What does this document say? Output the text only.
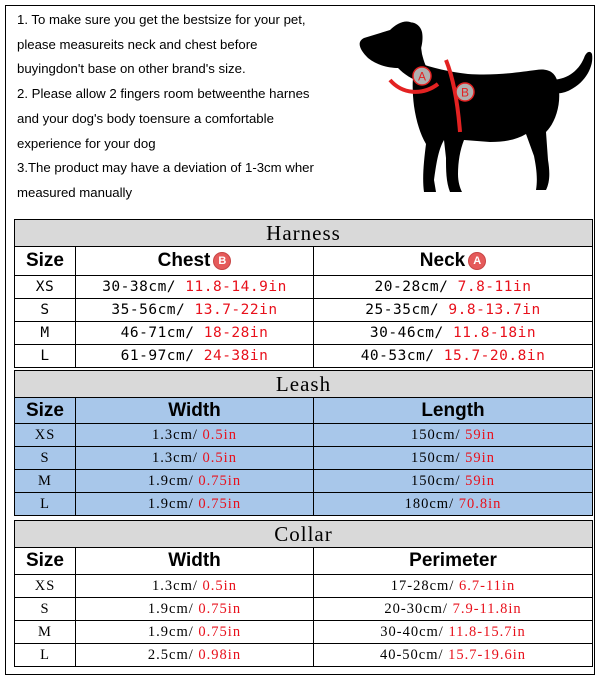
1. To make sure you get the bestsize for your pet,
please measureits neck and chest before
buyingdon't base on other brand's size.
2. Please allow 2 fingers room betweenthe harnes
and your dog's body toensure a comfortable
experience for your dog
3.The product may have a deviation of 1-3cm wher
measured manually
A
B
Harness		
Size	Chest B	Neck A
XS	30-38cm/ 11.8-14.9in	20-28cm/ 7.8-11in
S	35-56cm/ 13.7-22in	25-35cm/ 9.8-13.7in
M	46-71cm/ 18-28in	30-46cm/ 11.8-18in
L	61-97cm/ 24-38in	40-53cm/ 15.7-20.8in
Leash		
Size	Width	Length
XS	1.3cm/ 0.5in	150cm/ 59in
S	1.3cm/ 0.5in	150cm/ 59in
M	1.9cm/ 0.75in	150cm/ 59in
L	1.9cm/ 0.75in	180cm/ 70.8in
Collar		
Size	Width	Perimeter
XS	1.3cm/ 0.5in	17-28cm/ 6.7-11in
S	1.9cm/ 0.75in	20-30cm/ 7.9-11.8in
M	1.9cm/ 0.75in	30-40cm/ 11.8-15.7in
L	2.5cm/ 0.98in	40-50cm/ 15.7-19.6in
